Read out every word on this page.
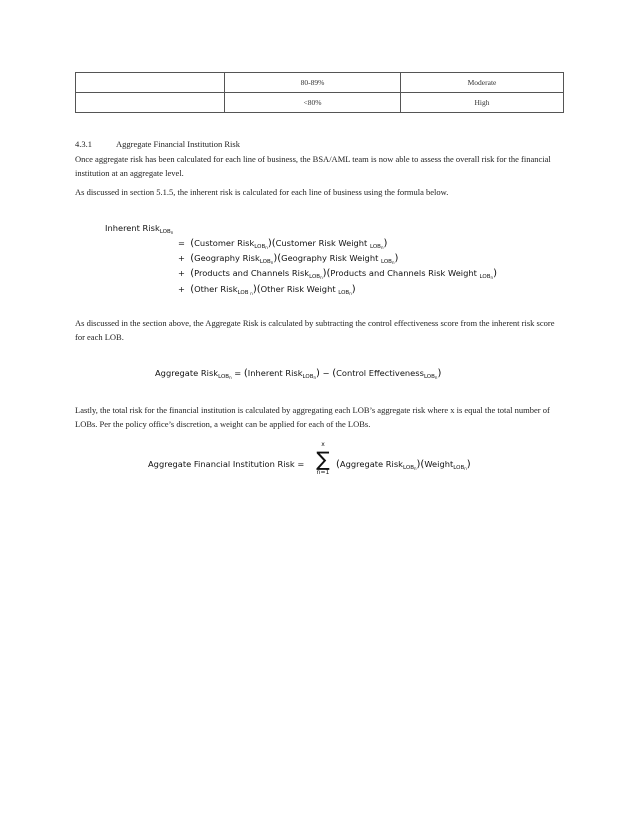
	80-89%	Moderate
	<80%	High
4.3.1	Aggregate Financial Institution Risk
Once aggregate risk has been calculated for each line of business, the BSA/AML team is now able to assess the overall risk for the financial institution at an aggregate level.
As discussed in section 5.1.5, the inherent risk is calculated for each line of business using the formula below.
Inherent Risk$_{LOB_n}$
= (Customer Risk$_{LOB_n}$)(Customer Risk Weight $_{LOB_n}$)
+ (Geography Risk$_{LOB_n}$)(Geography Risk Weight $_{LOB_n}$)
+ (Products and Channels Risk$_{LOB_n}$)(Products and Channels Risk Weight $_{LOB_n}$)
+ (Other Risk$_{LOB _n}$)(Other Risk Weight $_{LOB_n}$)
As discussed in the section above, the Aggregate Risk is calculated by subtracting the control effectiveness score from the inherent risk score for each LOB.
Aggregate Risk$_{LOB_n}$ = (Inherent Risk$_{LOB_n}$) − (Control Effectiveness$_{LOB_n}$)
Lastly, the total risk for the financial institution is calculated by aggregating each LOB’s aggregate risk where x is equal the total number of LOBs. Per the policy office’s discretion, a weight can be applied for each of the LOBs.
Aggregate Financial Institution Risk =
x
∑
n=1
(Aggregate Risk$_{LOB_n}$)(Weight$_{LOB_n}$)
